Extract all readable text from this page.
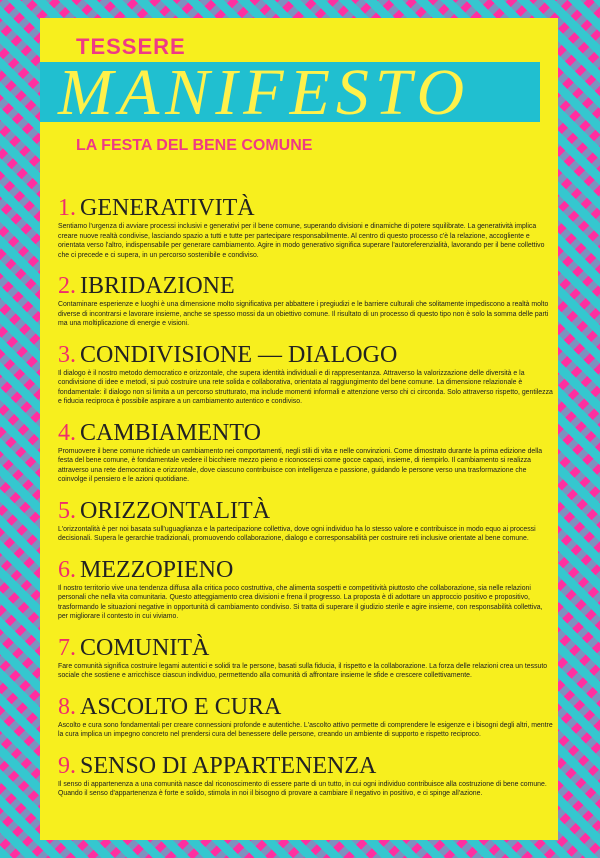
TESSERE
MANIFESTO
LA FESTA DEL BENE COMUNE
1. GENERATIVITÀ

Sentiamo l'urgenza di avviare processi inclusivi e generativi per il bene comune, superando divisioni e dinamiche di potere squilibrate. La generatività implica creare nuove realtà condivise, lasciando spazio a tutti e tutte per partecipare responsabilmente. Al centro di questo processo c'è la relazione, accogliente e orientata verso l'altro, indispensabile per generare cambiamento. Agire in modo generativo significa superare l'autoreferenzialità, lavorando per il bene collettivo che ci precede e ci supera, in un percorso sostenibile e condiviso.

2. IBRIDAZIONE

Contaminare esperienze e luoghi è una dimensione molto significativa per abbattere i pregiudizi e le barriere culturali che solitamente impediscono a realtà molto diverse di incontrarsi e lavorare insieme, anche se spesso mossi da un obiettivo comune. Il risultato di un processo di questo tipo non è solo la somma delle parti ma una moltiplicazione di energie e visioni.

3. CONDIVISIONE — DIALOGO

Il dialogo è il nostro metodo democratico e orizzontale, che supera identità individuali e di rappresentanza. Attraverso la valorizzazione delle diversità e la condivisione di idee e metodi, si può costruire una rete solida e collaborativa, orientata al raggiungimento del bene comune. La dimensione relazionale è fondamentale: il dialogo non si limita a un percorso strutturato, ma include momenti informali e attenzione verso chi ci circonda. Solo attraverso rispetto, gentilezza e fiducia reciproca è possibile aspirare a un cambiamento autentico e condiviso.

4. CAMBIAMENTO

Promuovere il bene comune richiede un cambiamento nei comportamenti, negli stili di vita e nelle convinzioni. Come dimostrato durante la prima edizione della festa del bene comune, è fondamentale vedere il bicchiere mezzo pieno e riconoscersi come gocce capaci, insieme, di riempirlo. Il cambiamento si realizza attraverso una rete democratica e orizzontale, dove ciascuno contribuisce con intelligenza e passione, guidando le persone verso una trasformazione che coinvolge il pensiero e le azioni quotidiane.

5. ORIZZONTALITÀ

L'orizzontalità è per noi basata sull'uguaglianza e la partecipazione collettiva, dove ogni individuo ha lo stesso valore e contribuisce in modo equo ai processi decisionali. Supera le gerarchie tradizionali, promuovendo collaborazione, dialogo e corresponsabilità per costruire reti inclusive orientate al bene comune.

6. MEZZOPIENO

Il nostro territorio vive una tendenza diffusa alla critica poco costruttiva, che alimenta sospetti e competitività piuttosto che collaborazione, sia nelle relazioni personali che nella vita comunitaria. Questo atteggiamento crea divisioni e frena il progresso. La proposta è di adottare un approccio positivo e propositivo, trasformando le situazioni negative in opportunità di cambiamento condiviso. Si tratta di superare il giudizio sterile e agire insieme, con responsabilità collettiva, per migliorare il contesto in cui viviamo.

7. COMUNITÀ

Fare comunità significa costruire legami autentici e solidi tra le persone, basati sulla fiducia, il rispetto e la collaborazione. La forza delle relazioni crea un tessuto sociale che sostiene e arricchisce ciascun individuo, permettendo alla comunità di affrontare insieme le sfide e crescere collettivamente.

8. ASCOLTO E CURA

Ascolto e cura sono fondamentali per creare connessioni profonde e autentiche. L'ascolto attivo permette di comprendere le esigenze e i bisogni degli altri, mentre la cura implica un impegno concreto nel prendersi cura del benessere delle persone, creando un ambiente di supporto e rispetto reciproco.

9. SENSO DI APPARTENENZA

Il senso di appartenenza a una comunità nasce dal riconoscimento di essere parte di un tutto, in cui ogni individuo contribuisce alla costruzione di bene comune. Quando il senso d'appartenenza è forte e solido, stimola in noi il bisogno di provare a cambiare il negativo in positivo, e ci spinge all'azione.
